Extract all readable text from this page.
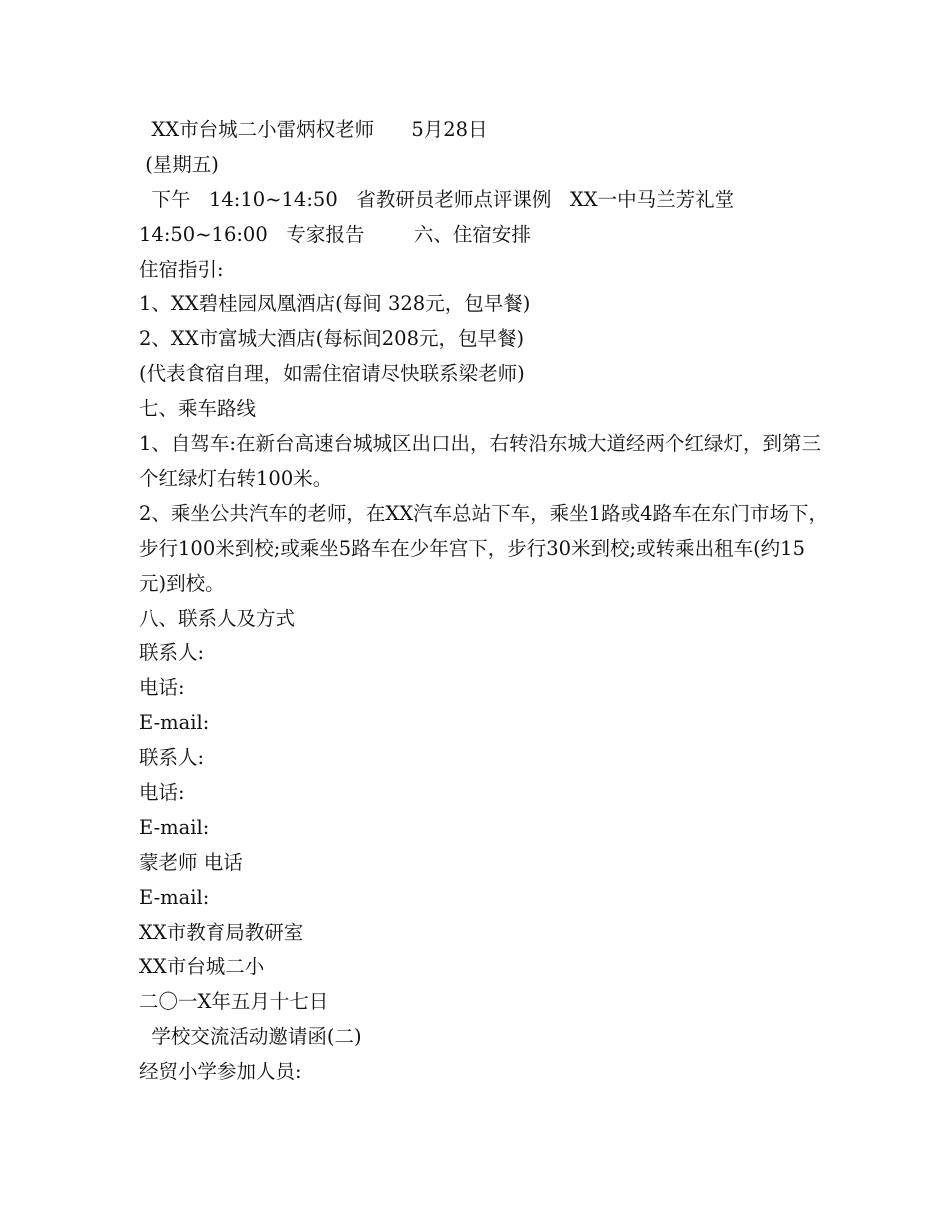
XX市台城二小雷炳权老师      5月28日
(星期五)
下午   14:10~14:50   省教研员老师点评课例   XX一中马兰芳礼堂
14:50~16:00   专家报告        六、住宿安排
住宿指引:
1、XX碧桂园凤凰酒店(每间 328元，包早餐)
2、XX市富城大酒店(每标间208元，包早餐)
(代表食宿自理，如需住宿请尽快联系梁老师)
七、乘车路线
1、自驾车:在新台高速台城城区出口出，右转沿东城大道经两个红绿灯，到第三个红绿灯右转100米。
2、乘坐公共汽车的老师，在XX汽车总站下车，乘坐1路或4路车在东门市场下，步行100米到校;或乘坐5路车在少年宫下，步行30米到校;或转乘出租车(约15元)到校。
八、联系人及方式
联系人:
电话:
E-mail:
联系人:
电话:
E-mail:
蒙老师 电话
E-mail:
XX市教育局教研室
XX市台城二小
二〇一X年五月十七日
学校交流活动邀请函(二)
经贸小学参加人员:
